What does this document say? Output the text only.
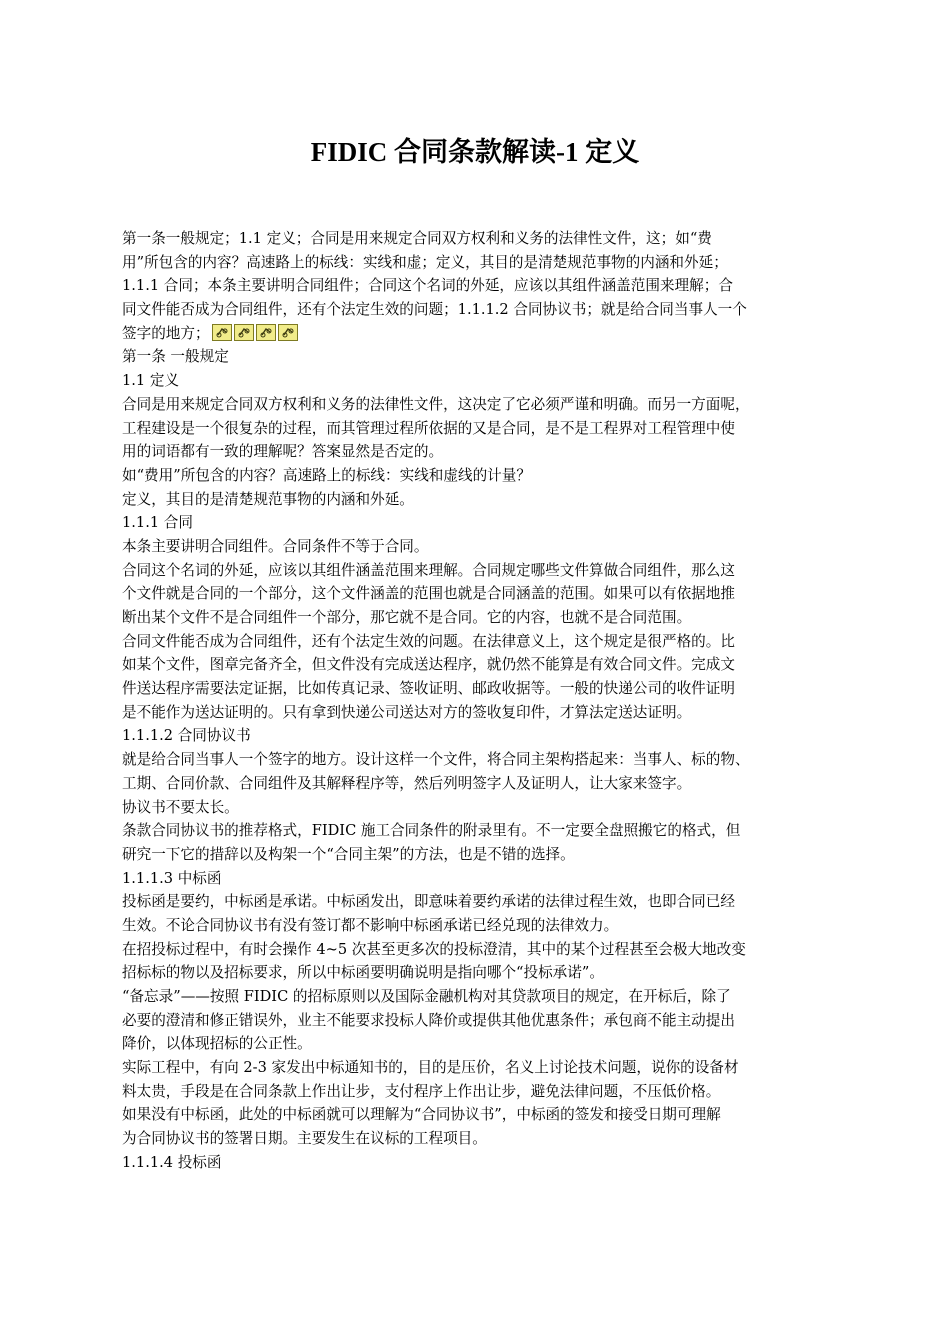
FIDIC 合同条款解读-1 定义
第一条一般规定；1.1 定义；合同是用来规定合同双方权利和义务的法律性文件，这；如“费
用”所包含的内容？高速路上的标线：实线和虚；定义，其目的是清楚规范事物的内涵和外延；
1.1.1 合同；本条主要讲明合同组件；合同这个名词的外延，应该以其组件涵盖范围来理解；合
同文件能否成为合同组件，还有个法定生效的问题；1.1.1.2 合同协议书；就是给合同当事人一个
签字的地方；
第一条 一般规定
1.1 定义
合同是用来规定合同双方权利和义务的法律性文件，这决定了它必须严谨和明确。而另一方面呢，
工程建设是一个很复杂的过程，而其管理过程所依据的又是合同，是不是工程界对工程管理中使
用的词语都有一致的理解呢？答案显然是否定的。
如“费用”所包含的内容？高速路上的标线：实线和虚线的计量？
定义，其目的是清楚规范事物的内涵和外延。
1.1.1 合同
本条主要讲明合同组件。合同条件不等于合同。
合同这个名词的外延，应该以其组件涵盖范围来理解。合同规定哪些文件算做合同组件，那么这
个文件就是合同的一个部分，这个文件涵盖的范围也就是合同涵盖的范围。如果可以有依据地推
断出某个文件不是合同组件一个部分，那它就不是合同。它的内容，也就不是合同范围。
合同文件能否成为合同组件，还有个法定生效的问题。在法律意义上，这个规定是很严格的。比
如某个文件，图章完备齐全，但文件没有完成送达程序，就仍然不能算是有效合同文件。完成文
件送达程序需要法定证据，比如传真记录、签收证明、邮政收据等。一般的快递公司的收件证明
是不能作为送达证明的。只有拿到快递公司送达对方的签收复印件，才算法定送达证明。
1.1.1.2 合同协议书
就是给合同当事人一个签字的地方。设计这样一个文件，将合同主架构搭起来：当事人、标的物、
工期、合同价款、合同组件及其解释程序等，然后列明签字人及证明人，让大家来签字。
协议书不要太长。
条款合同协议书的推荐格式，FIDIC 施工合同条件的附录里有。不一定要全盘照搬它的格式，但
研究一下它的措辞以及构架一个“合同主架”的方法，也是不错的选择。
1.1.1.3 中标函
投标函是要约，中标函是承诺。中标函发出，即意味着要约承诺的法律过程生效，也即合同已经
生效。不论合同协议书有没有签订都不影响中标函承诺已经兑现的法律效力。
在招投标过程中，有时会操作 4~5 次甚至更多次的投标澄清，其中的某个过程甚至会极大地改变
招标标的物以及招标要求，所以中标函要明确说明是指向哪个“投标承诺”。
“备忘录”——按照 FIDIC 的招标原则以及国际金融机构对其贷款项目的规定，在开标后，除了
必要的澄清和修正错误外，业主不能要求投标人降价或提供其他优惠条件；承包商不能主动提出
降价，以体现招标的公正性。
实际工程中，有向 2-3 家发出中标通知书的，目的是压价，名义上讨论技术问题，说你的设备材
料太贵，手段是在合同条款上作出让步，支付程序上作出让步，避免法律问题，不压低价格。
如果没有中标函，此处的中标函就可以理解为“合同协议书”，中标函的签发和接受日期可理解
为合同协议书的签署日期。主要发生在议标的工程项目。
1.1.1.4 投标函
